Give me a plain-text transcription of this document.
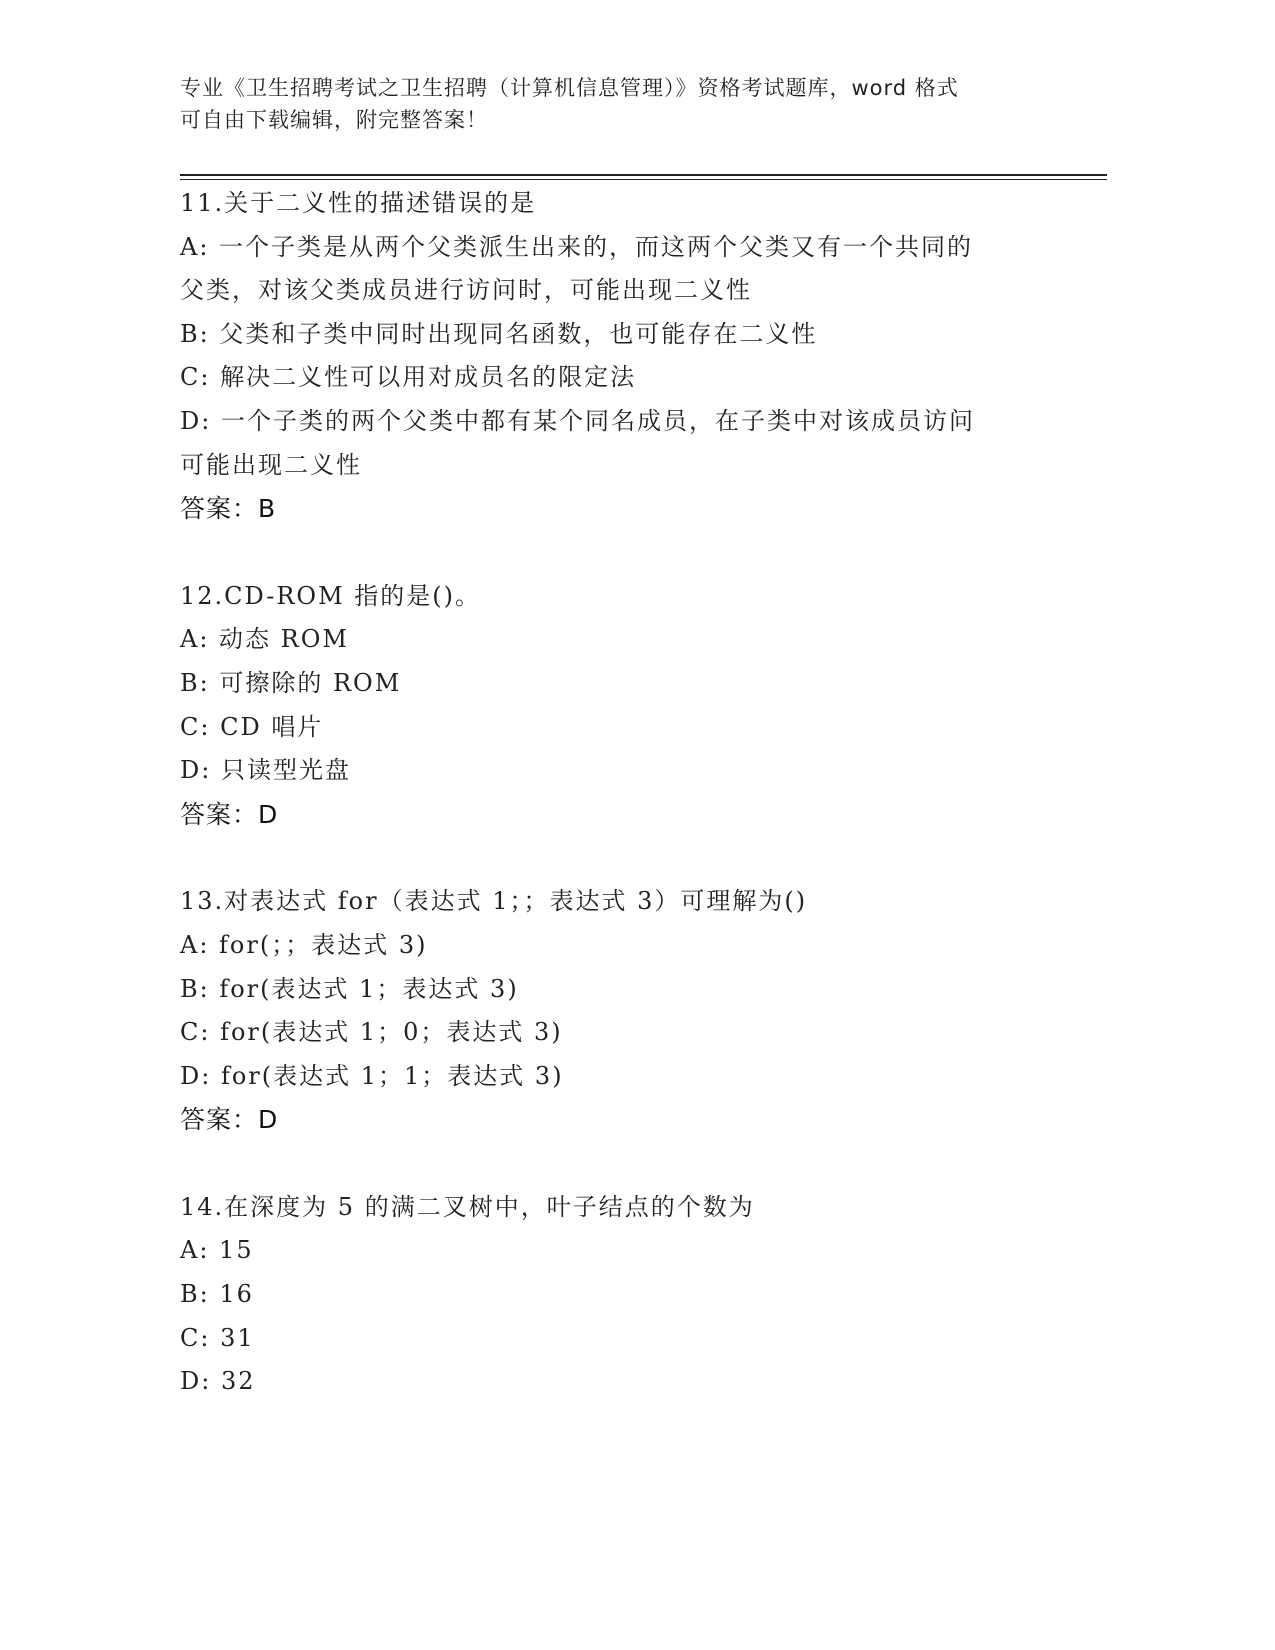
专业《卫生招聘考试之卫生招聘（计算机信息管理）》资格考试题库，word 格式

可自由下载编辑，附完整答案！

11.关于二义性的描述错误的是
A: 一个子类是从两个父类派生出来的，而这两个父类又有一个共同的
父类，对该父类成员进行访问时，可能出现二义性
B: 父类和子类中同时出现同名函数，也可能存在二义性
C: 解决二义性可以用对成员名的限定法
D: 一个子类的两个父类中都有某个同名成员，在子类中对该成员访问
可能出现二义性
答案：B
12.CD-ROM 指的是()。
A: 动态 ROM
B: 可擦除的 ROM
C: CD 唱片
D: 只读型光盘
答案：D
13.对表达式 for（表达式 1；；表达式 3）可理解为()
A: for(；；表达式 3)
B: for(表达式 1；表达式 3)
C: for(表达式 1；0；表达式 3)
D: for(表达式 1；1；表达式 3)
答案：D
14.在深度为 5 的满二叉树中，叶子结点的个数为
A: 15
B: 16
C: 31
D: 32
